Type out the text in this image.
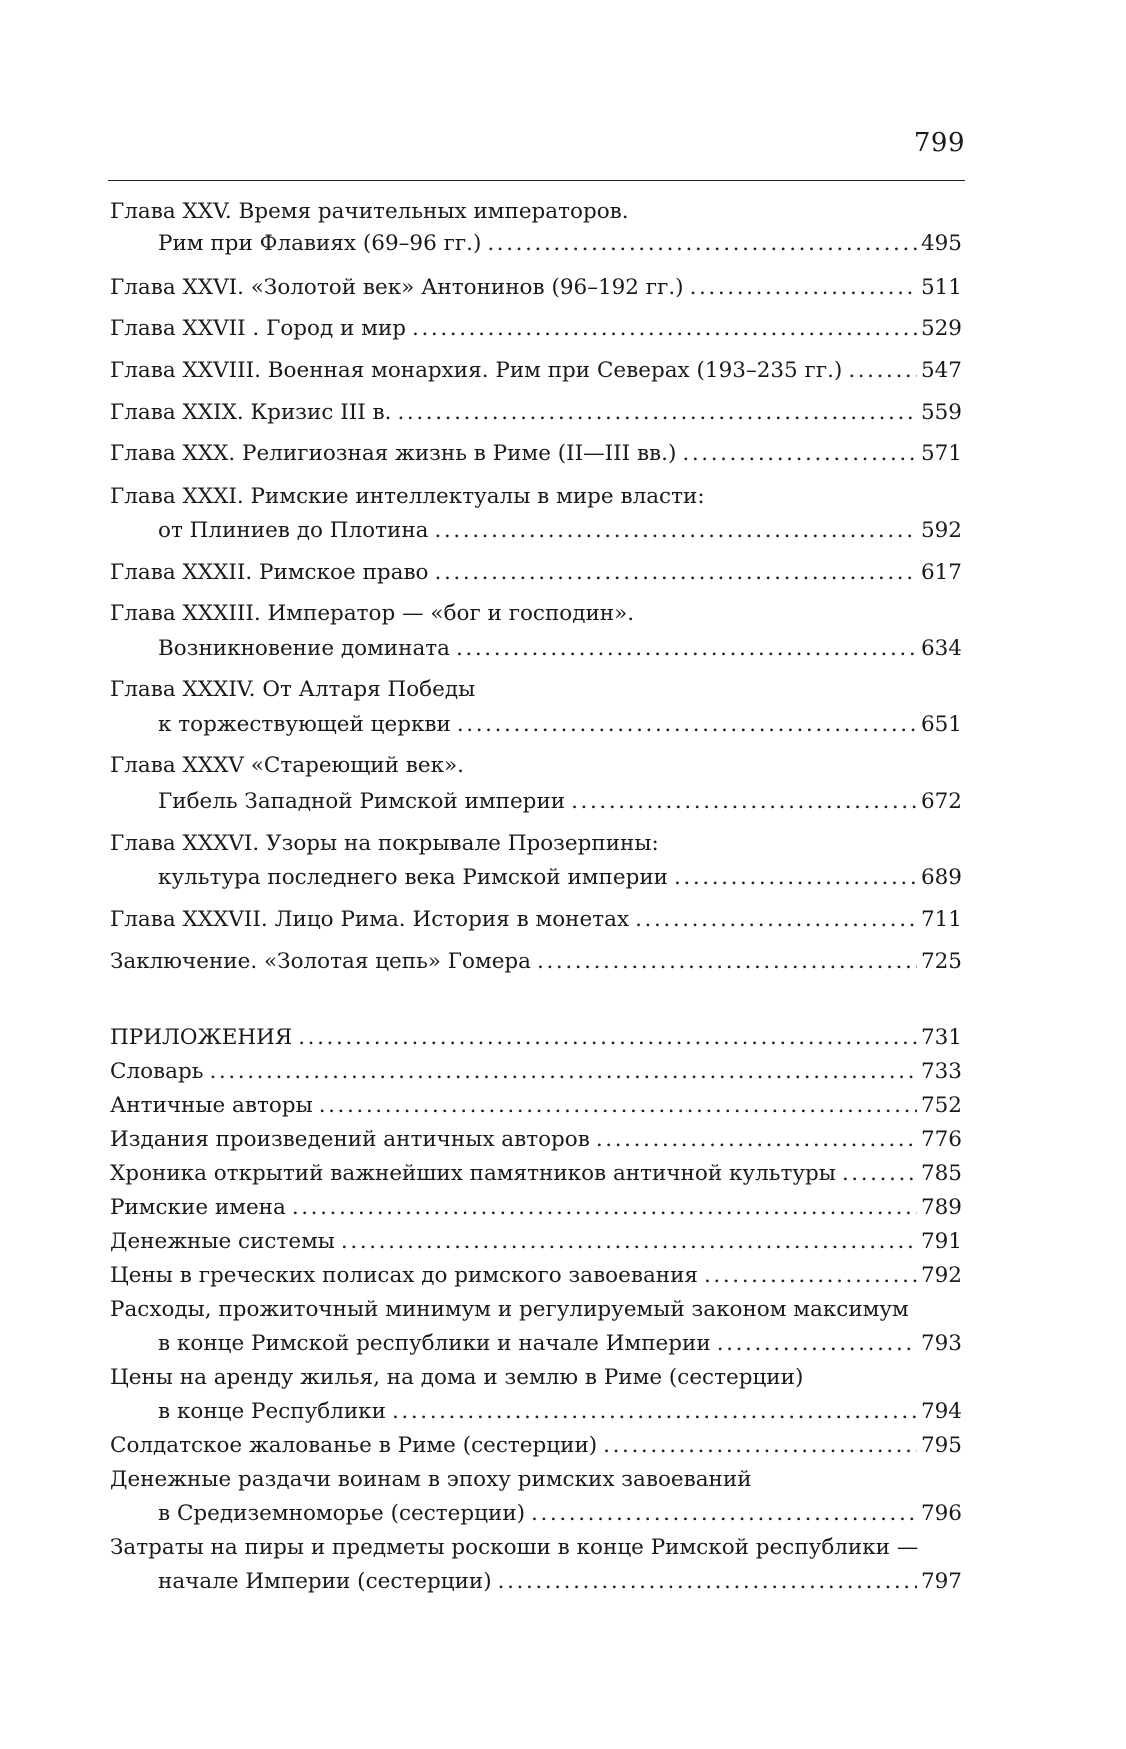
799
Глава XXV. Время рачительных императоров.
Рим при Флавиях (69–96 гг.) .....	495
Глава XXVI. «Золотой век» Антонинов (96–192 гг.) .....	511
Глава XXVII . Город и мир .....	529
Глава XXVIII. Военная монархия. Рим при Северах (193–235 гг.) .....	547
Глава XXIX. Кризис III в. .....	559
Глава XXX. Религиозная жизнь в Риме (II—III вв.) .....	571
Глава XXXI. Римские интеллектуалы в мире власти:
от Плиниев до Плотина .....	592
Глава XXXII. Римское право .....	617
Глава XXXIII. Император — «бог и господин».
Возникновение домината .....	634
Глава XXXIV. От Алтаря Победы
к торжествующей церкви .....	651
Глава XXXV «Стареющий век».
Гибель Западной Римской империи .....	672
Глава XXXVI. Узоры на покрывале Прозерпины:
культура последнего века Римской империи .....	689
Глава XXXVII. Лицо Рима. История в монетах .....	711
Заключение. «Золотая цепь» Гомера .....	725
ПРИЛОЖЕНИЯ .....	731
Словарь .....	733
Античные авторы .....	752
Издания произведений античных авторов .....	776
Хроника открытий важнейших памятников античной культуры .....	785
Римские имена .....	789
Денежные системы .....	791
Цены в греческих полисах до римского завоевания .....	792
Расходы, прожиточный минимум и регулируемый законом максимум
в конце Римской республики и начале Империи .....	793
Цены на аренду жилья, на дома и землю в Риме (сестерции)
в конце Республики .....	794
Солдатское жалованье в Риме (сестерции) .....	795
Денежные раздачи воинам в эпоху римских завоеваний
в Средиземноморье (сестерции) .....	796
Затраты на пиры и предметы роскоши в конце Римской республики —
начале Империи (сестерции) .....	797
